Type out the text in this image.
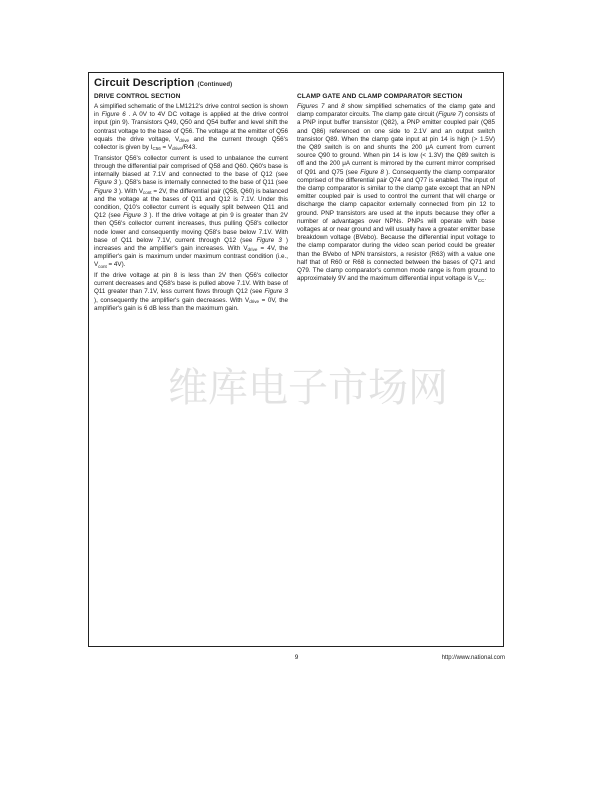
维库电子市场网
Circuit Description (Continued)
DRIVE CONTROL SECTION

A simplified schematic of the LM1212's drive control section is shown in Figure 6 . A 0V to 4V DC voltage is applied at the drive control input (pin 9). Transistors Q49, Q50 and Q54 buffer and level shift the contrast voltage to the base of Q56. The voltage at the emitter of Q56 equals the drive voltage, $V_{drive}$ and the current through Q56's collector is given by $I_{C56} = V_{drive}/R43$.

Transistor Q56's collector current is used to unbalance the current through the differential pair comprised of Q58 and Q60. Q60's base is internally biased at 7.1V and connected to the base of Q12 (see Figure 3 ). Q58's base is internally connected to the base of Q11 (see Figure 3 ). With $V_{cont} = 2V$, the differential pair (Q58, Q60) is balanced and the voltage at the bases of Q11 and Q12 is 7.1V. Under this condition, Q10's collector current is equally split between Q11 and Q12 (see Figure 3 ). If the drive voltage at pin 9 is greater than 2V then Q56's collector current increases, thus pulling Q58's collector node lower and consequently moving Q58's base below 7.1V. With base of Q11 below 7.1V, current through Q12 (see Figure 3 ) increases and the amplifier's gain increases. With $V_{drive} = 4V$, the amplifier's gain is maximum under maximum contrast condition (i.e., $V_{cont} = 4V$).

If the drive voltage at pin 8 is less than 2V then Q56's collector current decreases and Q58's base is pulled above 7.1V. With base of Q11 greater than 7.1V, less current flows through Q12 (see Figure 3 ), consequently the amplifier's gain decreases. With $V_{drive} = 0V$, the amplifier's gain is 6 dB less than the maximum gain.

CLAMP GATE AND CLAMP COMPARATOR SECTION

Figures 7 and 8 show simplified schematics of the clamp gate and clamp comparator circuits. The clamp gate circuit (Figure 7) consists of a PNP input buffer transistor (Q82), a PNP emitter coupled pair (Q85 and Q86) referenced on one side to 2.1V and an output switch transistor Q89. When the clamp gate input at pin 14 is high (> 1.5V) the Q89 switch is on and shunts the 200 μA current from current source Q90 to ground. When pin 14 is low (< 1.3V) the Q89 switch is off and the 200 μA current is mirrored by the current mirror comprised of Q91 and Q75 (see Figure 8 ). Consequently the clamp comparator comprised of the differential pair Q74 and Q77 is enabled. The input of the clamp comparator is similar to the clamp gate except that an NPN emitter coupled pair is used to control the current that will charge or discharge the clamp capacitor externally connected from pin 12 to ground. PNP transistors are used at the inputs because they offer a number of advantages over NPNs. PNPs will operate with base voltages at or near ground and will usually have a greater emitter base breakdown voltage (BVebo). Because the differential input voltage to the clamp comparator during the video scan period could be greater than the BVebo of NPN transistors, a resistor (R63) with a value one half that of R60 or R68 is connected between the bases of Q71 and Q79. The clamp comparator's common mode range is from ground to approximately 9V and the maximum differential input voltage is $V_{CC}$.

9	http://www.national.com
